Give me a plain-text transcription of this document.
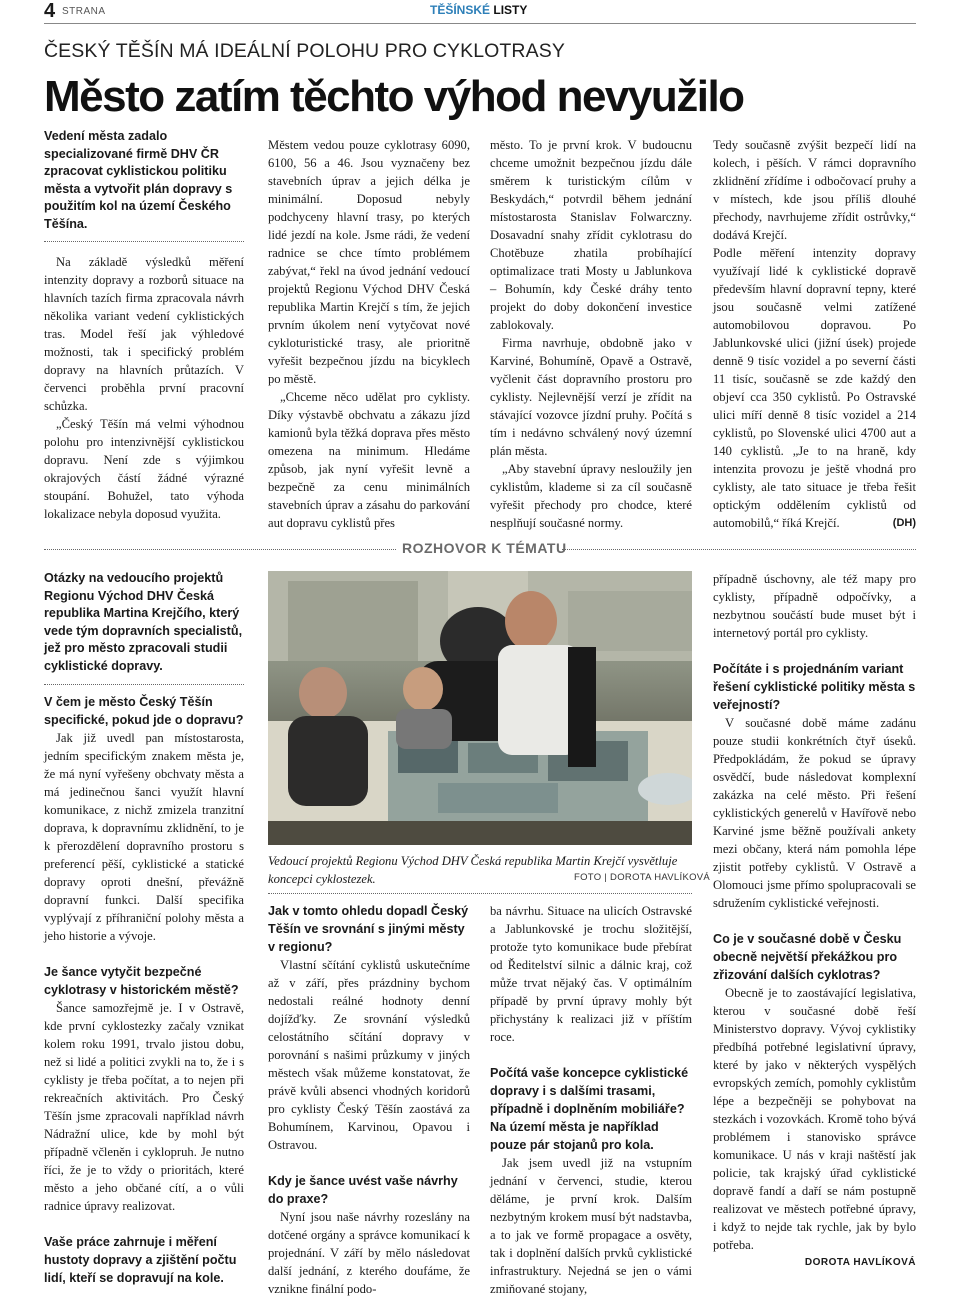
4 STRANA	TĚŠÍNSKÉ LISTY
ČESKÝ TĚŠÍN MÁ IDEÁLNÍ POLOHU PRO CYKLOTRASY
Město zatím těchto výhod nevyužilo

Vedení města zadalo specializované firmě DHV ČR zpracovat cyklistickou politiku města a vytvořit plán dopravy s použitím kol na území Českého Těšína.

Na základě výsledků měření intenzity dopravy a rozborů situace na hlavních tazích firma zpracovala návrh několika variant vedení cyklistických tras. Model řeší jak výhledové možnosti, tak i specifický problém dopravy na hlavních průtazích. V červenci proběhla první pracovní schůzka.

„Český Těšín má velmi výhodnou polohu pro intenzivnější cyklistickou dopravu. Není zde s výjimkou okrajových částí žádné výrazné stoupání. Bohužel, tato výhoda lokalizace nebyla doposud využita.

Městem vedou pouze cyklotrasy 6090, 6100, 56 a 46. Jsou vyznačeny bez stavebních úprav a jejich délka je minimální. Doposud nebyly podchyceny hlavní trasy, po kterých lidé jezdí na kole. Jsme rádi, že vedení radnice se chce tímto problémem zabývat,“ řekl na úvod jednání vedoucí projektů Regionu Východ DHV Česká republika Martin Krejčí s tím, že jejich prvním úkolem není vytyčovat nové cykloturistické trasy, ale prioritně vyřešit bezpečnou jízdu na bicyklech po městě.

„Chceme něco udělat pro cyklisty. Díky výstavbě obchvatu a zákazu jízd kamionů byla těžká doprava přes město omezena na minimum. Hledáme způsob, jak nyní vyřešit levně a bezpečně za cenu minimálních stavebních úprav a zásahu do parkování aut dopravu cyklistů přes

město. To je první krok. V budoucnu chceme umožnit bezpečnou jízdu dále směrem k turistickým cílům v Beskydách,“ potvrdil během jednání místostarosta Stanislav Folwarczny. Dosavadní snahy zřídit cyklotrasu do Chotěbuze zhatila probíhající optimalizace trati Mosty u Jablunkova – Bohumín, kdy České dráhy tento projekt do doby dokončení investice zablokovaly.

Firma navrhuje, obdobně jako v Karviné, Bohumíně, Opavě a Ostravě, vyčlenit část dopravního prostoru pro cyklisty. Nejlevnější verzí je zřídit na stávající vozovce jízdní pruhy. Počítá s tím i nedávno schválený nový územní plán města.

„Aby stavební úpravy nesloužily jen cyklistům, klademe si za cíl současně vyřešit přechody pro chodce, které nesplňují současné normy.

Tedy současně zvýšit bezpečí lidí na kolech, i pěších. V rámci dopravního zklidnění zřídíme i odbočovací pruhy a v místech, kde jsou příliš dlouhé přechody, navrhujeme zřídit ostrůvky,“ dodává Krejčí.

Podle měření intenzity dopravy využívají lidé k cyklistické dopravě především hlavní dopravní tepny, které jsou současně velmi zatížené automobilovou dopravou. Po Jablunkovské ulici (jižní úsek) projede denně 9 tisíc vozidel a po severní části 11 tisíc, současně se zde každý den objeví cca 350 cyklistů. Po Ostravské ulici míří denně 8 tisíc vozidel a 214 cyklistů, po Slovenské ulici 4700 aut a 140 cyklistů. „Je to na hraně, kdy intenzita provozu je ještě vhodná pro cyklisty, ale tato situace je třeba řešit optickým oddělením cyklistů od automobilů,“ říká Krejčí.	(DH)
ROZHOVOR K TÉMATU

Otázky na vedoucího projektů Regionu Východ DHV Česká republika Martina Krejčího, který vede tým dopravních specialistů, jež pro město zpracovali studii cyklistické dopravy.

V čem je město Český Těšín specifické, pokud jde o dopravu?

Jak již uvedl pan místostarosta, jedním specifickým znakem města je, že má nyní vyřešeny obchvaty města a má jedinečnou šanci využít hlavní komunikace, z nichž zmizela tranzitní doprava, k dopravnímu zklidnění, to je k přerozdělení dopravního prostoru s preferencí pěší, cyklistické a statické dopravy oproti dnešní, převážně dopravní funkci. Další specifika vyplývají z příhraniční polohy města a jeho historie a vývoje.

Je šance vytyčit bezpečné cyklotrasy v historickém městě?

Šance samozřejmě je. I v Ostravě, kde první cyklostezky začaly vznikat kolem roku 1991, trvalo jistou dobu, než si lidé a politici zvykli na to, že i s cyklisty je třeba počítat, a to nejen při rekreačních aktivitách. Pro Český Těšín jsme zpracovali například návrh Nádražní ulice, kde by mohl být případně včleněn i cyklopruh. Je nutno říci, že je to vždy o prioritách, které město a jeho občané cítí, a o vůli radnice úpravy realizovat.

Vaše práce zahrnuje i měření hustoty dopravy a zjištění počtu lidí, kteří se dopravují na kole.

Vedoucí projektů Regionu Východ DHV Česká republika Martin Krejčí vysvětluje koncepci cyklostezek.	FOTO | DOROTA HAVLÍKOVÁ

Jak v tomto ohledu dopadl Český Těšín ve srovnání s jinými městy v regionu?

Vlastní sčítání cyklistů uskutečníme až v září, přes prázdniny bychom nedostali reálné hodnoty denní dojížďky. Ze srovnání výsledků celostátního sčítání dopravy v porovnání s našimi průzkumy v jiných městech však můžeme konstatovat, že právě kvůli absenci vhodných koridorů pro cyklisty Český Těšín zaostává za Bohumínem, Karvinou, Opavou i Ostravou.

Kdy je šance uvést vaše návrhy do praxe?

Nyní jsou naše návrhy rozeslány na dotčené orgány a správce komunikací k projednání. V září by mělo následovat další jednání, z kterého doufáme, že vznikne finální podo-

ba návrhu. Situace na ulicích Ostravské a Jablunkovské je trochu složitější, protože tyto komunikace bude přebírat od Ředitelství silnic a dálnic kraj, což může trvat nějaký čas. V optimálním případě by první úpravy mohly být přichystány k realizaci již v příštím roce.

Počítá vaše koncepce cyklistické dopravy i s dalšími trasami, případně i doplněním mobiliáře? Na území města je například pouze pár stojanů pro kola.

Jak jsem uvedl již na vstupním jednání v červenci, studie, kterou děláme, je první krok. Dalším nezbytným krokem musí být nadstavba, a to jak ve formě propagace a osvěty, tak i doplnění dalších prvků cyklistické infrastruktury. Nejedná se jen o vámi zmiňované stojany,

případně úschovny, ale též mapy pro cyklisty, případně odpočívky, a nezbytnou součástí bude muset být i internetový portál pro cyklisty.

Počítáte i s projednáním variant řešení cyklistické politiky města s veřejností?

V současné době máme zadánu pouze studii konkrétních čtyř úseků. Předpokládám, že pokud se úpravy osvědčí, bude následovat komplexní zakázka na celé město. Při řešení cyklistických generelů v Havířově nebo Karviné jsme běžně používali ankety mezi občany, která nám pomohla lépe zjistit potřeby cyklistů. V Ostravě a Olomouci jsme přímo spolupracovali se sdružením cyklistické veřejnosti.

Co je v současné době v Česku obecně největší překážkou pro zřizování dalších cyklotras?

Obecně je to zaostávající legislativa, kterou v současné době řeší Ministerstvo dopravy. Vývoj cyklistiky předbíhá potřebné legislativní úpravy, které by jako v některých vyspělých evropských zemích, pomohly cyklistům lépe a bezpečněji se pohybovat na stezkách i vozovkách. Kromě toho bývá problémem i stanovisko správce komunikace. U nás v kraji naštěstí jak policie, tak krajský úřad cyklistické dopravě fandí a daří se nám postupně realizovat ve městech potřebné úpravy, i když to nejde tak rychle, jak by bylo potřeba.

DOROTA HAVLÍKOVÁ
